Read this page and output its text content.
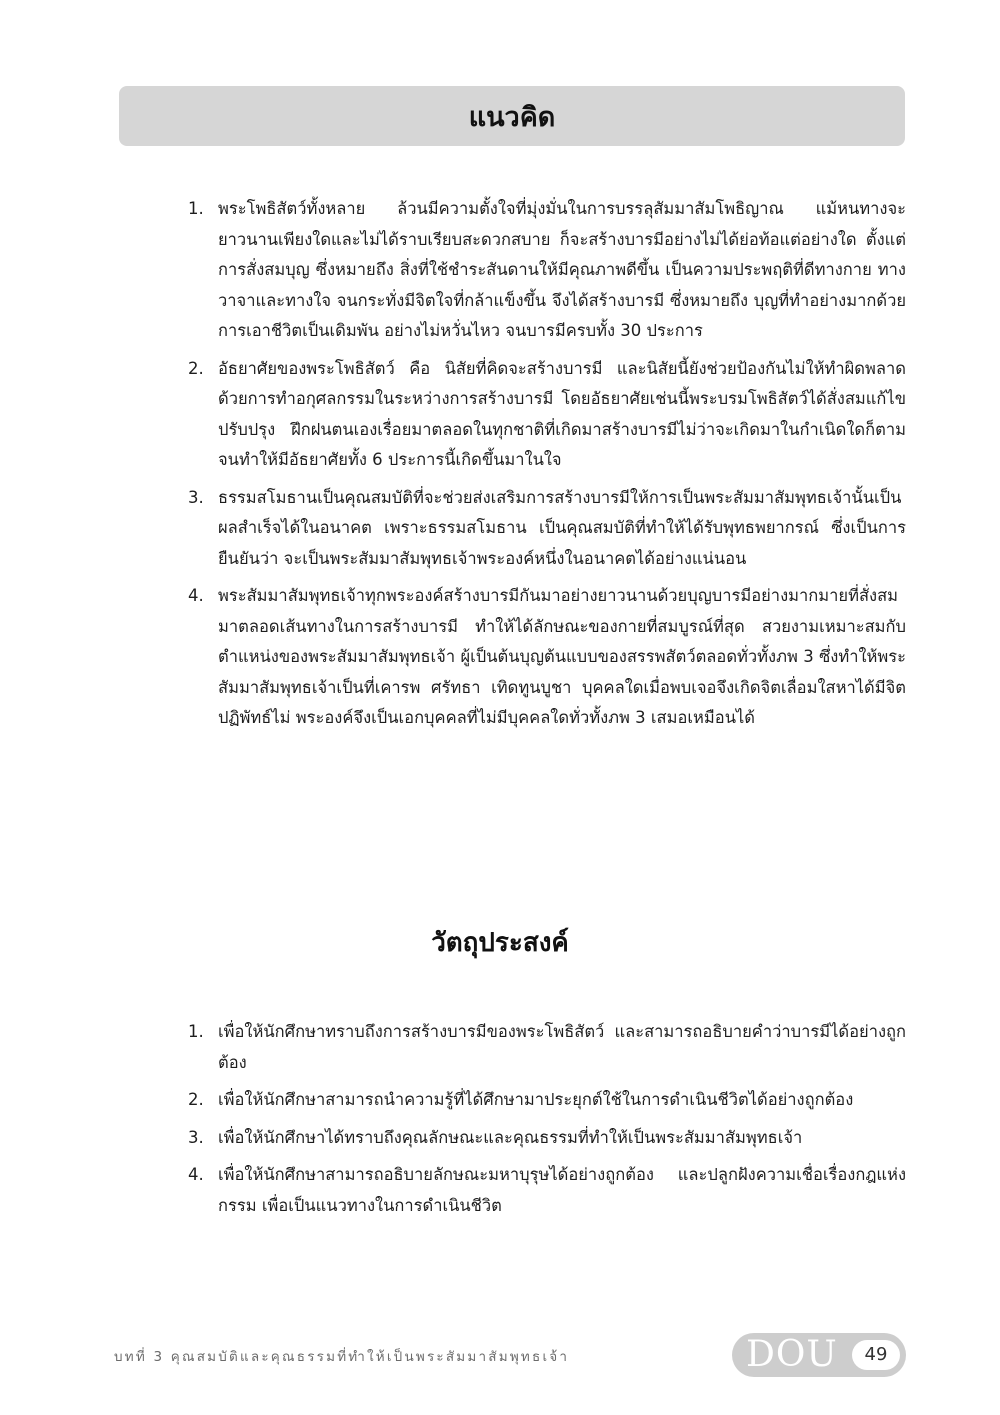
แนวคิด
1. พระโพธิสัตว์ทั้งหลาย ล้วนมีความตั้งใจที่มุ่งมั่นในการบรรลุสัมมาสัมโพธิญาณ แม้หนทางจะยาวนานเพียงใดและไม่ได้ราบเรียบสะดวกสบาย ก็จะสร้างบารมีอย่างไม่ได้ย่อท้อแต่อย่างใด ตั้งแต่การสั่งสมบุญ ซึ่งหมายถึง สิ่งที่ใช้ชำระสันดานให้มีคุณภาพดีขึ้น เป็นความประพฤติที่ดีทางกาย ทางวาจาและทางใจ จนกระทั่งมีจิตใจที่กล้าแข็งขึ้น จึงได้สร้างบารมี ซึ่งหมายถึง บุญที่ทำอย่างมากด้วยการเอาชีวิตเป็นเดิมพัน อย่างไม่หวั่นไหว จนบารมีครบทั้ง 30 ประการ
2. อัธยาศัยของพระโพธิสัตว์ คือ นิสัยที่คิดจะสร้างบารมี และนิสัยนี้ยังช่วยป้องกันไม่ให้ทำผิดพลาดด้วยการทำอกุศลกรรมในระหว่างการสร้างบารมี โดยอัธยาศัยเช่นนี้พระบรมโพธิสัตว์ได้สั่งสมแก้ไขปรับปรุง ฝึกฝนตนเองเรื่อยมาตลอดในทุกชาติที่เกิดมาสร้างบารมีไม่ว่าจะเกิดมาในกำเนิดใดก็ตาม จนทำให้มีอัธยาศัยทั้ง 6 ประการนี้เกิดขึ้นมาในใจ
3. ธรรมสโมธานเป็นคุณสมบัติที่จะช่วยส่งเสริมการสร้างบารมีให้การเป็นพระสัมมาสัมพุทธเจ้านั้นเป็นผลสำเร็จได้ในอนาคต เพราะธรรมสโมธาน เป็นคุณสมบัติที่ทำให้ได้รับพุทธพยากรณ์ ซึ่งเป็นการยืนยันว่า จะเป็นพระสัมมาสัมพุทธเจ้าพระองค์หนึ่งในอนาคตได้อย่างแน่นอน
4. พระสัมมาสัมพุทธเจ้าทุกพระองค์สร้างบารมีกันมาอย่างยาวนานด้วยบุญบารมีอย่างมากมายที่สั่งสมมาตลอดเส้นทางในการสร้างบารมี ทำให้ได้ลักษณะของกายที่สมบูรณ์ที่สุด สวยงามเหมาะสมกับตำแหน่งของพระสัมมาสัมพุทธเจ้า ผู้เป็นต้นบุญต้นแบบของสรรพสัตว์ตลอดทั่วทั้งภพ 3 ซึ่งทำให้พระสัมมาสัมพุทธเจ้าเป็นที่เคารพ ศรัทธา เทิดทูนบูชา บุคคลใดเมื่อพบเจอจึงเกิดจิตเลื่อมใสหาได้มีจิตปฏิพัทธ์ไม่ พระองค์จึงเป็นเอกบุคคลที่ไม่มีบุคคลใดทั่วทั้งภพ 3 เสมอเหมือนได้
วัตถุประสงค์
1. เพื่อให้นักศึกษาทราบถึงการสร้างบารมีของพระโพธิสัตว์ และสามารถอธิบายคำว่าบารมีได้อย่างถูกต้อง
2. เพื่อให้นักศึกษาสามารถนำความรู้ที่ได้ศึกษามาประยุกต์ใช้ในการดำเนินชีวิตได้อย่างถูกต้อง
3. เพื่อให้นักศึกษาได้ทราบถึงคุณลักษณะและคุณธรรมที่ทำให้เป็นพระสัมมาสัมพุทธเจ้า
4. เพื่อให้นักศึกษาสามารถอธิบายลักษณะมหาบุรุษได้อย่างถูกต้อง และปลูกฝังความเชื่อเรื่องกฎแห่งกรรม เพื่อเป็นแนวทางในการดำเนินชีวิต
บทที่ 3 คุณสมบัติและคุณธรรมที่ทำให้เป็นพระสัมมาสัมพุทธเจ้า	DOU	49
